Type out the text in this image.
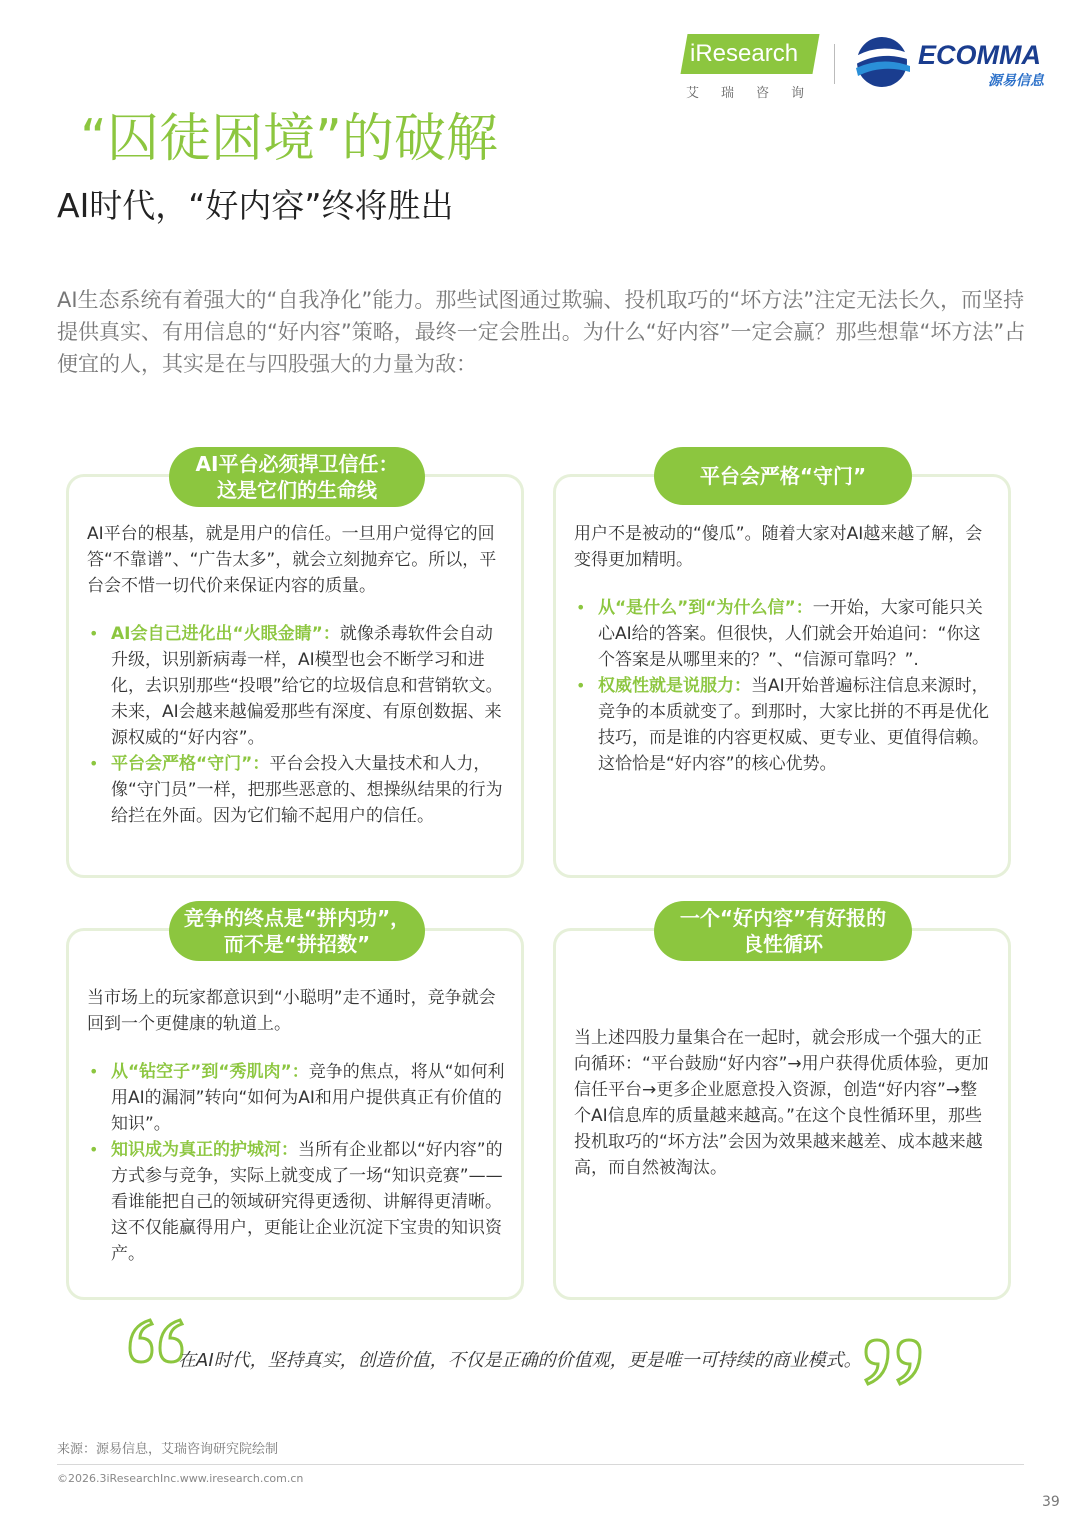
iResearch
艾瑞咨询
ECOMMA
源易信息
“囚徒困境”的破解
AI时代，“好内容”终将胜出
AI生态系统有着强大的“自我净化”能力。那些试图通过欺骗、投机取巧的“坏方法”注定无法长久，而坚持提供真实、有用信息的“好内容”策略，最终一定会胜出。为什么“好内容”一定会赢？那些想靠“坏方法”占便宜的人，其实是在与四股强大的力量为敌：
AI平台必须捍卫信任：
这是它们的生命线

AI平台的根基，就是用户的信任。一旦用户觉得它的回答“不靠谱”、“广告太多”，就会立刻抛弃它。所以，平台会不惜一切代价来保证内容的质量。

• AI会自己进化出“火眼金睛”：就像杀毒软件会自动升级，识别新病毒一样，AI模型也会不断学习和进化，去识别那些“投喂”给它的垃圾信息和营销软文。未来，AI会越来越偏爱那些有深度、有原创数据、来源权威的“好内容”。
• 平台会严格“守门”：平台会投入大量技术和人力，像“守门员”一样，把那些恶意的、想操纵结果的行为给拦在外面。因为它们输不起用户的信任。
平台会严格“守门”

用户不是被动的“傻瓜”。随着大家对AI越来越了解，会变得更加精明。

• 从“是什么”到“为什么信”：一开始，大家可能只关心AI给的答案。但很快，人们就会开始追问：“你这个答案是从哪里来的？”、“信源可靠吗？”.
• 权威性就是说服力：当AI开始普遍标注信息来源时，竞争的本质就变了。到那时，大家比拼的不再是优化技巧，而是谁的内容更权威、更专业、更值得信赖。这恰恰是“好内容”的核心优势。
竞争的终点是“拼内功”，
而不是“拼招数”

当市场上的玩家都意识到“小聪明”走不通时，竞争就会回到一个更健康的轨道上。

• 从“钻空子”到“秀肌肉”：竞争的焦点，将从“如何利用AI的漏洞”转向“如何为AI和用户提供真正有价值的知识”。
• 知识成为真正的护城河：当所有企业都以“好内容”的方式参与竞争，实际上就变成了一场“知识竞赛”——看谁能把自己的领域研究得更透彻、讲解得更清晰。这不仅能赢得用户，更能让企业沉淀下宝贵的知识资产。
一个“好内容”有好报的
良性循环

当上述四股力量集合在一起时，就会形成一个强大的正向循环：“平台鼓励“好内容”→用户获得优质体验，更加信任平台→更多企业愿意投入资源，创造“好内容”→整个AI信息库的质量越来越高。”在这个良性循环里，那些投机取巧的“坏方法”会因为效果越来越差、成本越来越高，而自然被淘汰。

在AI时代，坚持真实，创造价值，不仅是正确的价值观，更是唯一可持续的商业模式。
来源：源易信息，艾瑞咨询研究院绘制
©2026.3iResearchInc.www.iresearch.com.cn
39
